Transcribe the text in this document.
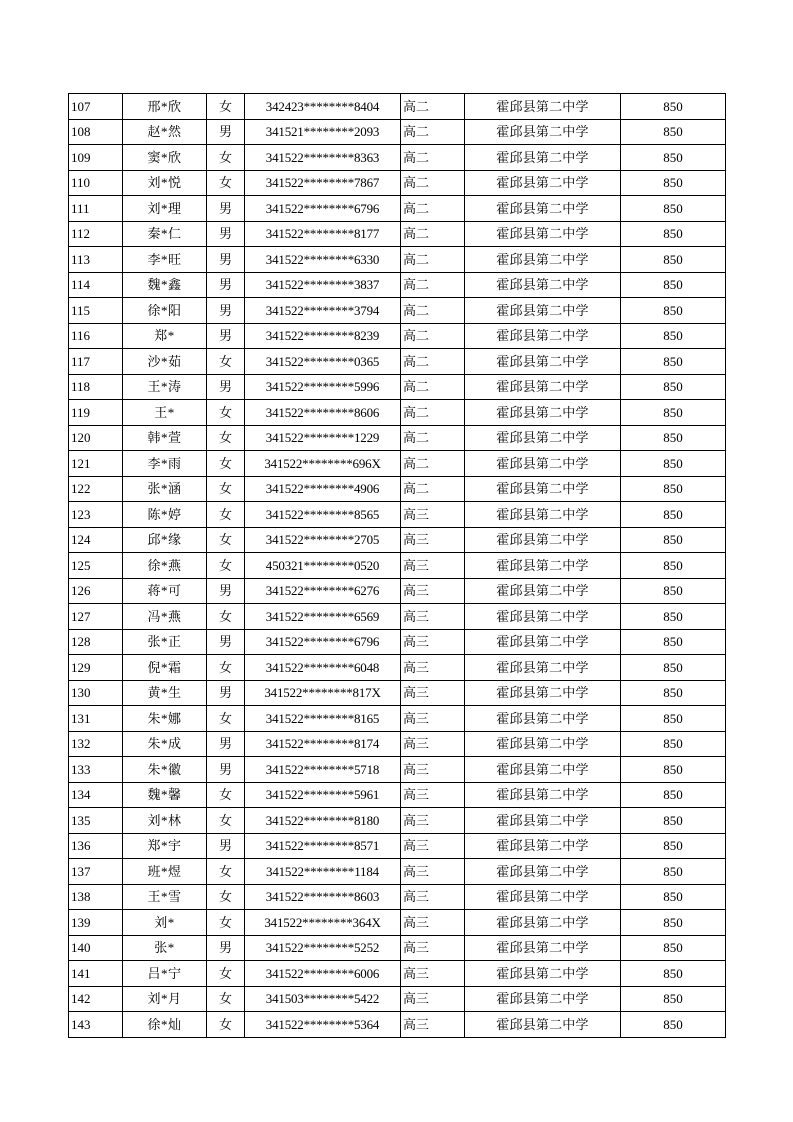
107	邢*欣	女	342423********8404	高二	霍邱县第二中学	850
108	赵*然	男	341521********2093	高二	霍邱县第二中学	850
109	窦*欣	女	341522********8363	高二	霍邱县第二中学	850
110	刘*悦	女	341522********7867	高二	霍邱县第二中学	850
111	刘*理	男	341522********6796	高二	霍邱县第二中学	850
112	秦*仁	男	341522********8177	高二	霍邱县第二中学	850
113	李*旺	男	341522********6330	高二	霍邱县第二中学	850
114	魏*鑫	男	341522********3837	高二	霍邱县第二中学	850
115	徐*阳	男	341522********3794	高二	霍邱县第二中学	850
116	郑*	男	341522********8239	高二	霍邱县第二中学	850
117	沙*茹	女	341522********0365	高二	霍邱县第二中学	850
118	王*涛	男	341522********5996	高二	霍邱县第二中学	850
119	王*	女	341522********8606	高二	霍邱县第二中学	850
120	韩*萱	女	341522********1229	高二	霍邱县第二中学	850
121	李*雨	女	341522********696X	高二	霍邱县第二中学	850
122	张*涵	女	341522********4906	高二	霍邱县第二中学	850
123	陈*婷	女	341522********8565	高三	霍邱县第二中学	850
124	邱*缘	女	341522********2705	高三	霍邱县第二中学	850
125	徐*燕	女	450321********0520	高三	霍邱县第二中学	850
126	蒋*可	男	341522********6276	高三	霍邱县第二中学	850
127	冯*燕	女	341522********6569	高三	霍邱县第二中学	850
128	张*正	男	341522********6796	高三	霍邱县第二中学	850
129	倪*霜	女	341522********6048	高三	霍邱县第二中学	850
130	黄*生	男	341522********817X	高三	霍邱县第二中学	850
131	朱*娜	女	341522********8165	高三	霍邱县第二中学	850
132	朱*成	男	341522********8174	高三	霍邱县第二中学	850
133	朱*徽	男	341522********5718	高三	霍邱县第二中学	850
134	魏*馨	女	341522********5961	高三	霍邱县第二中学	850
135	刘*林	女	341522********8180	高三	霍邱县第二中学	850
136	郑*宇	男	341522********8571	高三	霍邱县第二中学	850
137	班*煜	女	341522********1184	高三	霍邱县第二中学	850
138	王*雪	女	341522********8603	高三	霍邱县第二中学	850
139	刘*	女	341522********364X	高三	霍邱县第二中学	850
140	张*	男	341522********5252	高三	霍邱县第二中学	850
141	吕*宁	女	341522********6006	高三	霍邱县第二中学	850
142	刘*月	女	341503********5422	高三	霍邱县第二中学	850
143	徐*灿	女	341522********5364	高三	霍邱县第二中学	850
